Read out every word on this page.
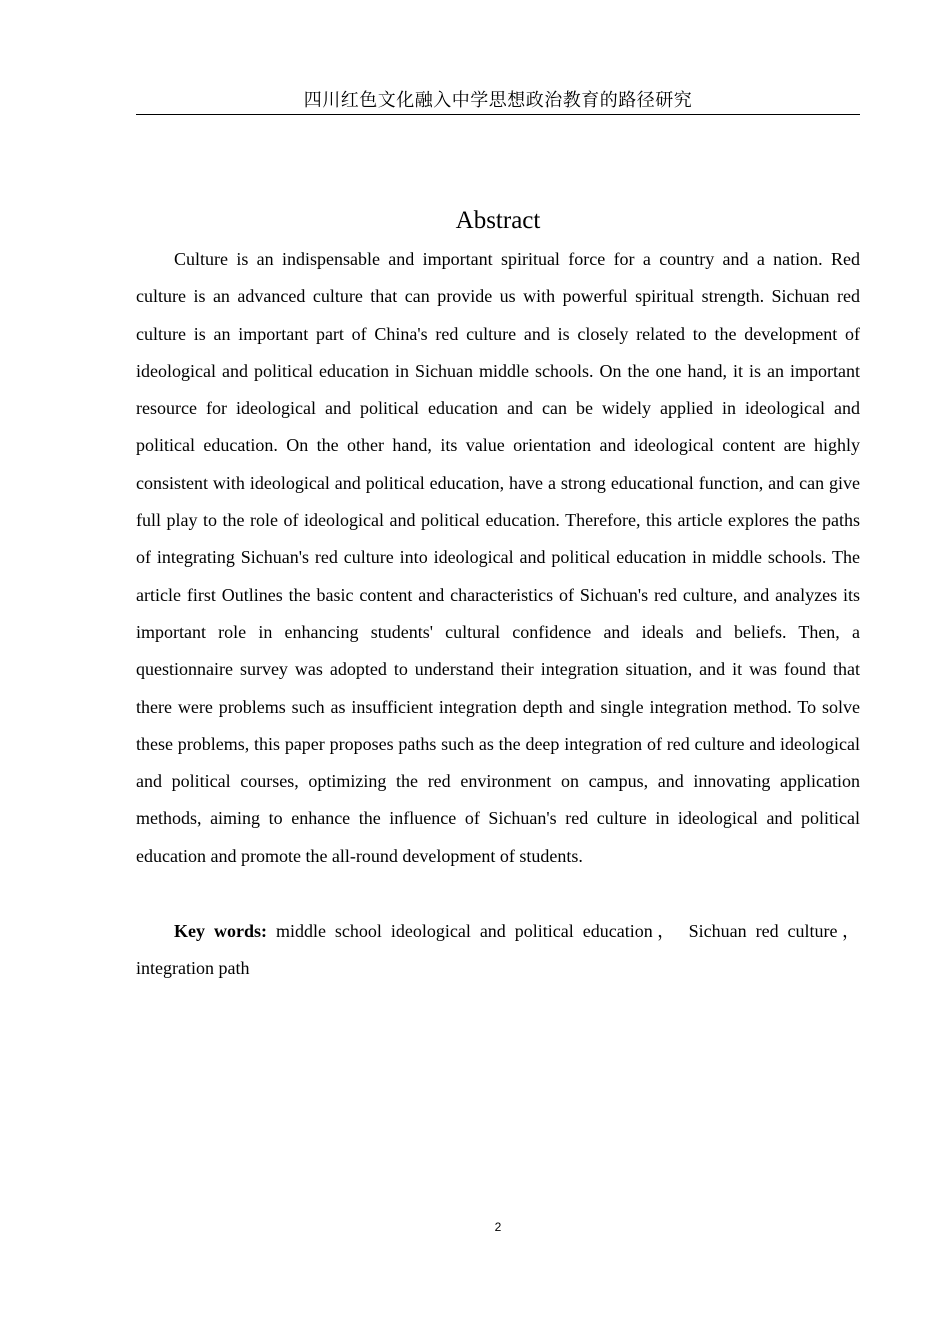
四川红色文化融入中学思想政治教育的路径研究
Abstract

Culture is an indispensable and important spiritual force for a country and a nation. Red culture is an advanced culture that can provide us with powerful spiritual strength. Sichuan red culture is an important part of China's red culture and is closely related to the development of ideological and political education in Sichuan middle schools. On the one hand, it is an important resource for ideological and political education and can be widely applied in ideological and political education. On the other hand, its value orientation and ideological content are highly consistent with ideological and political education, have a strong educational function, and can give full play to the role of ideological and political education. Therefore, this article explores the paths of integrating Sichuan's red culture into ideological and political education in middle schools. The article first Outlines the basic content and characteristics of Sichuan's red culture, and analyzes its important role in enhancing students' cultural confidence and ideals and beliefs. Then, a questionnaire survey was adopted to understand their integration situation, and it was found that there were problems such as insufficient integration depth and single integration method. To solve these problems, this paper proposes paths such as the deep integration of red culture and ideological and political courses, optimizing the red environment on campus, and innovating application methods, aiming to enhance the influence of Sichuan's red culture in ideological and political education and promote the all-round development of students.

Key words: middle school ideological and political education， Sichuan red culture，integration path

2
